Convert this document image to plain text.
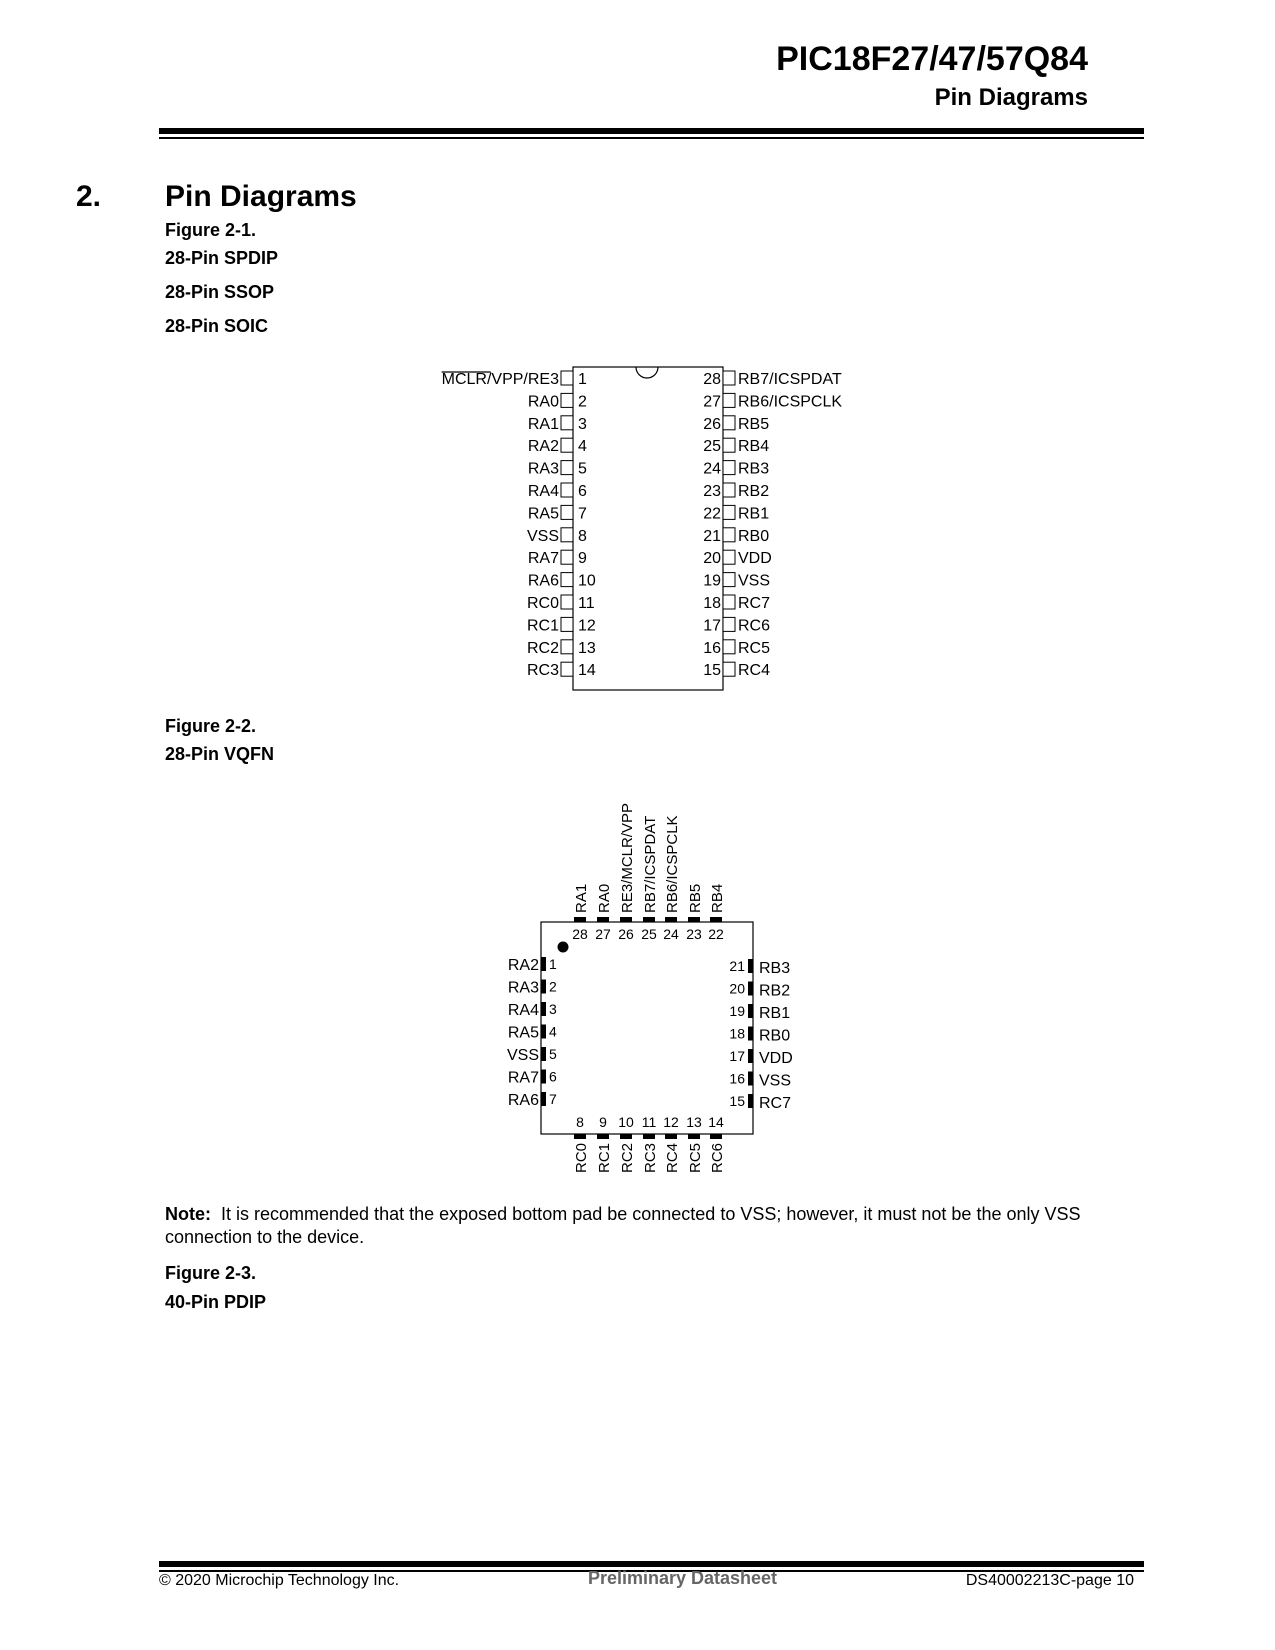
PIC18F27/47/57Q84
Pin Diagrams
2. Pin Diagrams
Figure 2-1.
28-Pin SPDIP
28-Pin SSOP
28-Pin SOIC
1
MCLR/VPP/RE3
2
RA0
3
RA1
4
RA2
5
RA3
6
RA4
7
RA5
8
VSS
9
RA7
10
RA6
11
RC0
12
RC1
13
RC2
14
RC3
28 RB7/ICSPDAT
27 RB6/ICSPCLK
26 RB5
25 RB4
24 RB3
23 RB2
22 RB1
21 RB0
20 VDD
19 VSS
18 RC7
17 RC6
16 RC5
15 RC4
Figure 2-2.
28-Pin VQFN
28
RA1
27
RA0
26
RE3/MCLR/VPP
25
RB7/ICSPDAT
24
RB6/ICSPCLK
23
RB5
22
RB4
8
RC0
9
RC1
10
RC2
11
RC3
12
RC4
13
RC5
14
RC6
1
RA2
2
RA3
3
RA4
4
RA5
5
VSS
6
RA7
7
RA6
21 RB3
20 RB2
19 RB1
18 RB0
17 VDD
16 VSS
15 RC7
Note: It is recommended that the exposed bottom pad be connected to VSS; however, it must not be the only VSS connection to the device.
Figure 2-3.
40-Pin PDIP
© 2020 Microchip Technology Inc.	Preliminary Datasheet	DS40002213C-page 10
